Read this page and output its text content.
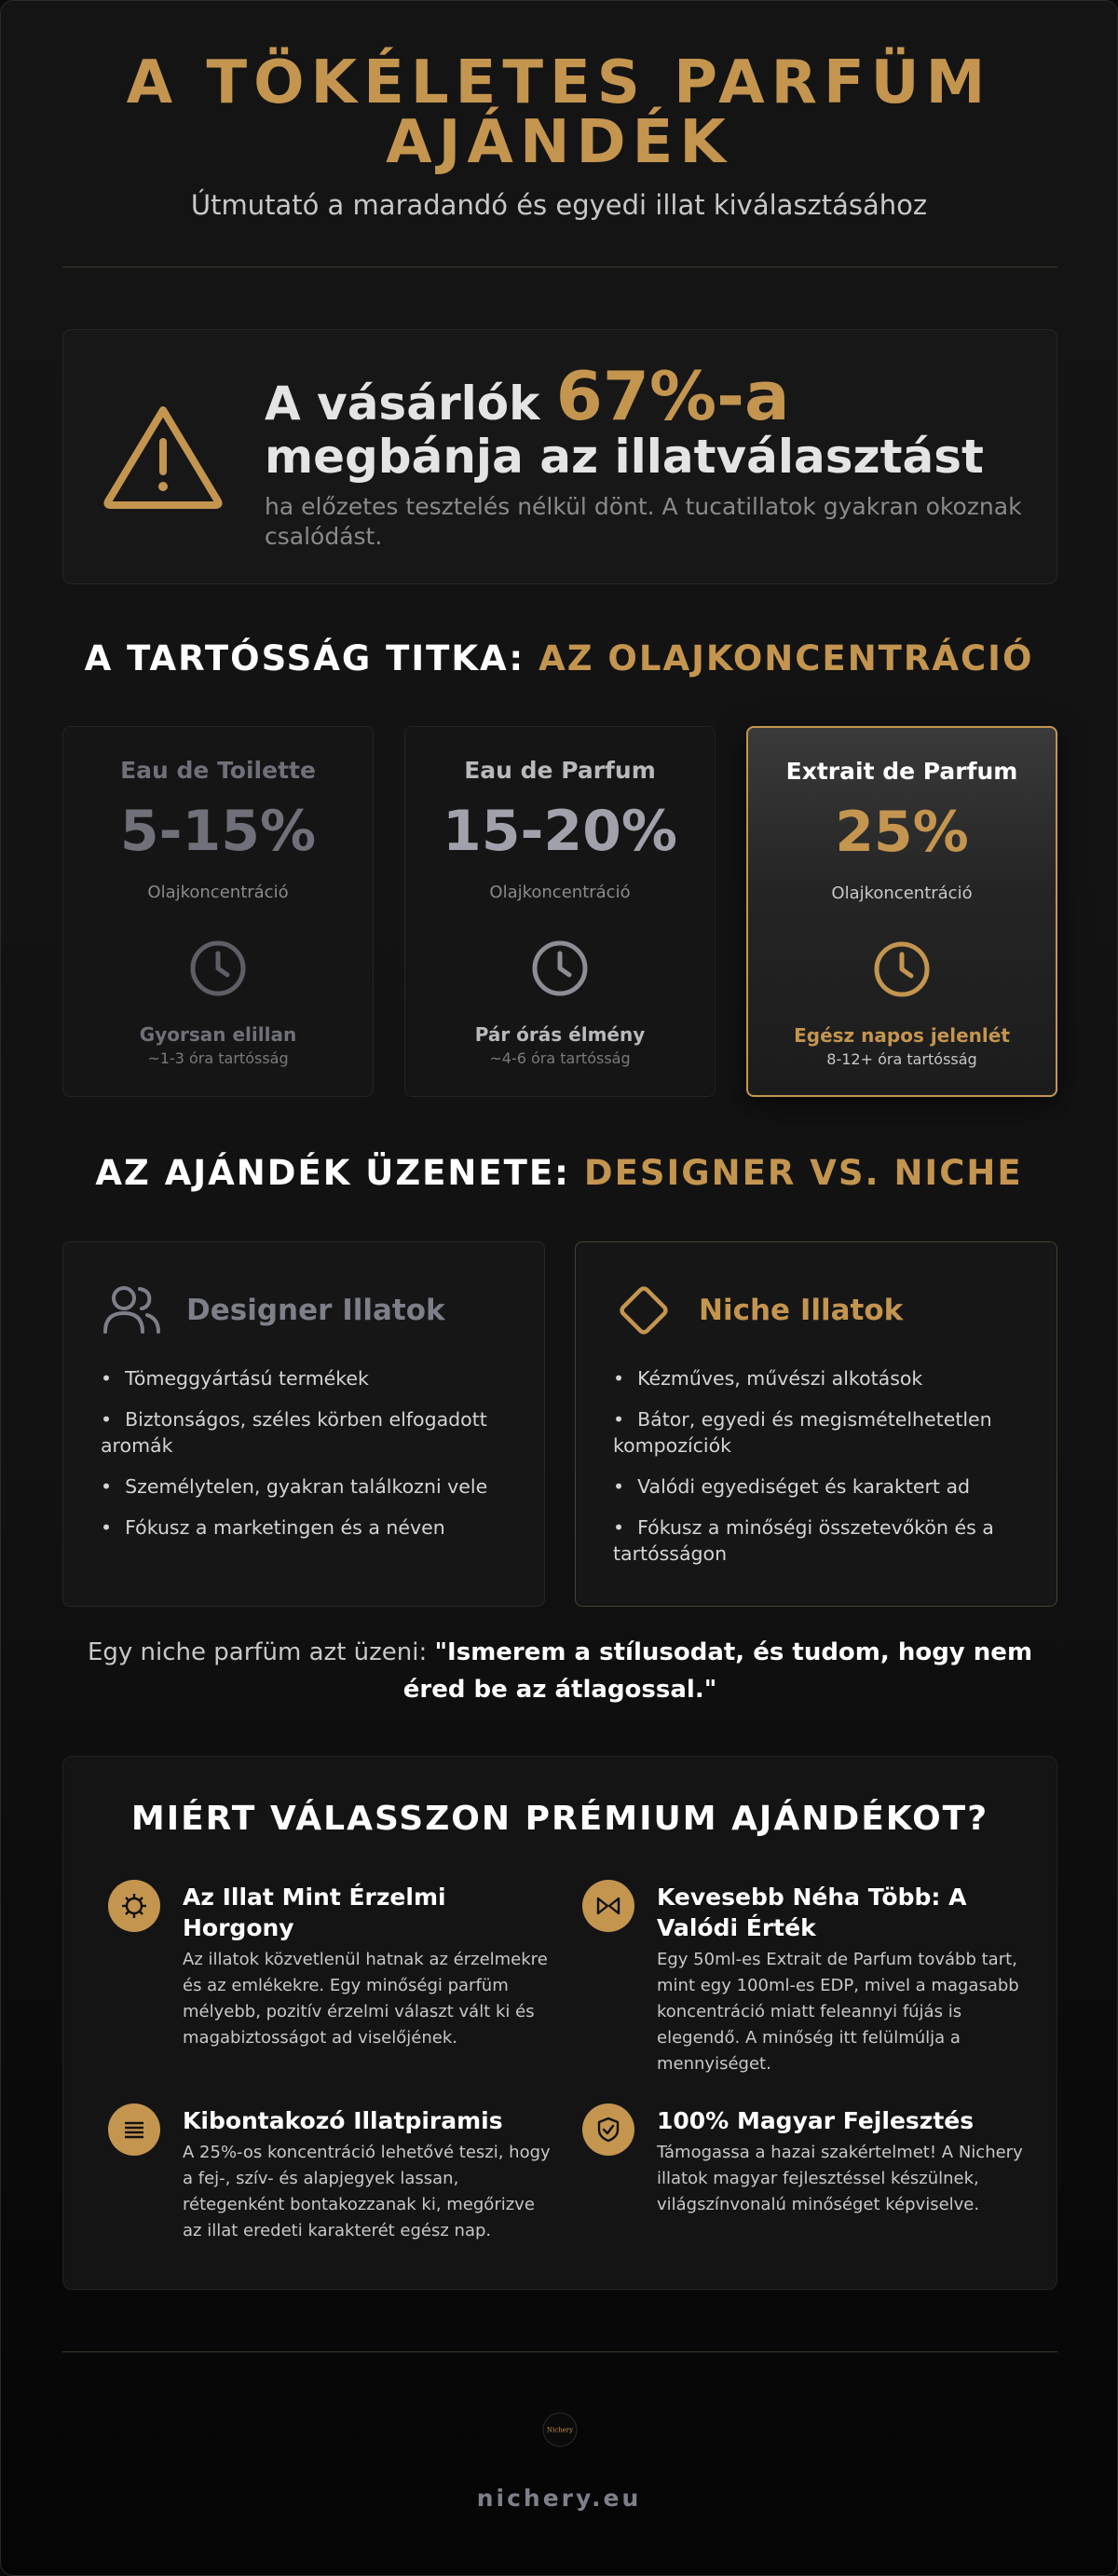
A TÖKÉLETES PARFÜM
AJÁNDÉK
Útmutató a maradandó és egyedi illat kiválasztásához
A vásárlók 67%-a
megbánja az illatválasztást
ha előzetes tesztelés nélkül dönt. A tucatillatok gyakran okoznak csalódást.
A TARTÓSSÁG TITKA: AZ OLAJKONCENTRÁCIÓ
Eau de Toilette
5-15%
Olajkoncentráció
Gyorsan elillan
~1-3 óra tartósság
Eau de Parfum
15-20%
Olajkoncentráció
Pár órás élmény
~4-6 óra tartósság
Extrait de Parfum
25%
Olajkoncentráció
Egész napos jelenlét
8-12+ óra tartósság
AZ AJÁNDÉK ÜZENETE: DESIGNER VS. NICHE
Designer Illatok
• Tömeggyártású termékek
• Biztonságos, széles körben elfogadott aromák
• Személytelen, gyakran találkozni vele
• Fókusz a marketingen és a néven
Niche Illatok
• Kézműves, művészi alkotások
• Bátor, egyedi és megismételhetetlen kompozíciók
• Valódi egyediséget és karaktert ad
• Fókusz a minőségi összetevőkön és a tartósságon
Egy niche parfüm azt üzeni: "Ismerem a stílusodat, és tudom, hogy nem éred be az átlagossal."
MIÉRT VÁLASSZON PRÉMIUM AJÁNDÉKOT?
Az Illat Mint Érzelmi Horgony
Az illatok közvetlenül hatnak az érzelmekre és az emlékekre. Egy minőségi parfüm mélyebb, pozitív érzelmi választ vált ki és magabiztosságot ad viselőjének.
Kevesebb Néha Több: A Valódi Érték
Egy 50ml-es Extrait de Parfum tovább tart, mint egy 100ml-es EDP, mivel a magasabb koncentráció miatt feleannyi fújás is elegendő. A minőség itt felülmúlja a mennyiséget.
Kibontakozó Illatpiramis
A 25%-os koncentráció lehetővé teszi, hogy a fej-, szív- és alapjegyek lassan, rétegenként bontakozzanak ki, megőrizve az illat eredeti karakterét egész nap.
100% Magyar Fejlesztés
Támogassa a hazai szakértelmet! A Nichery illatok magyar fejlesztéssel készülnek, világszínvonalú minőséget képviselve.
Nichery
nichery.eu
